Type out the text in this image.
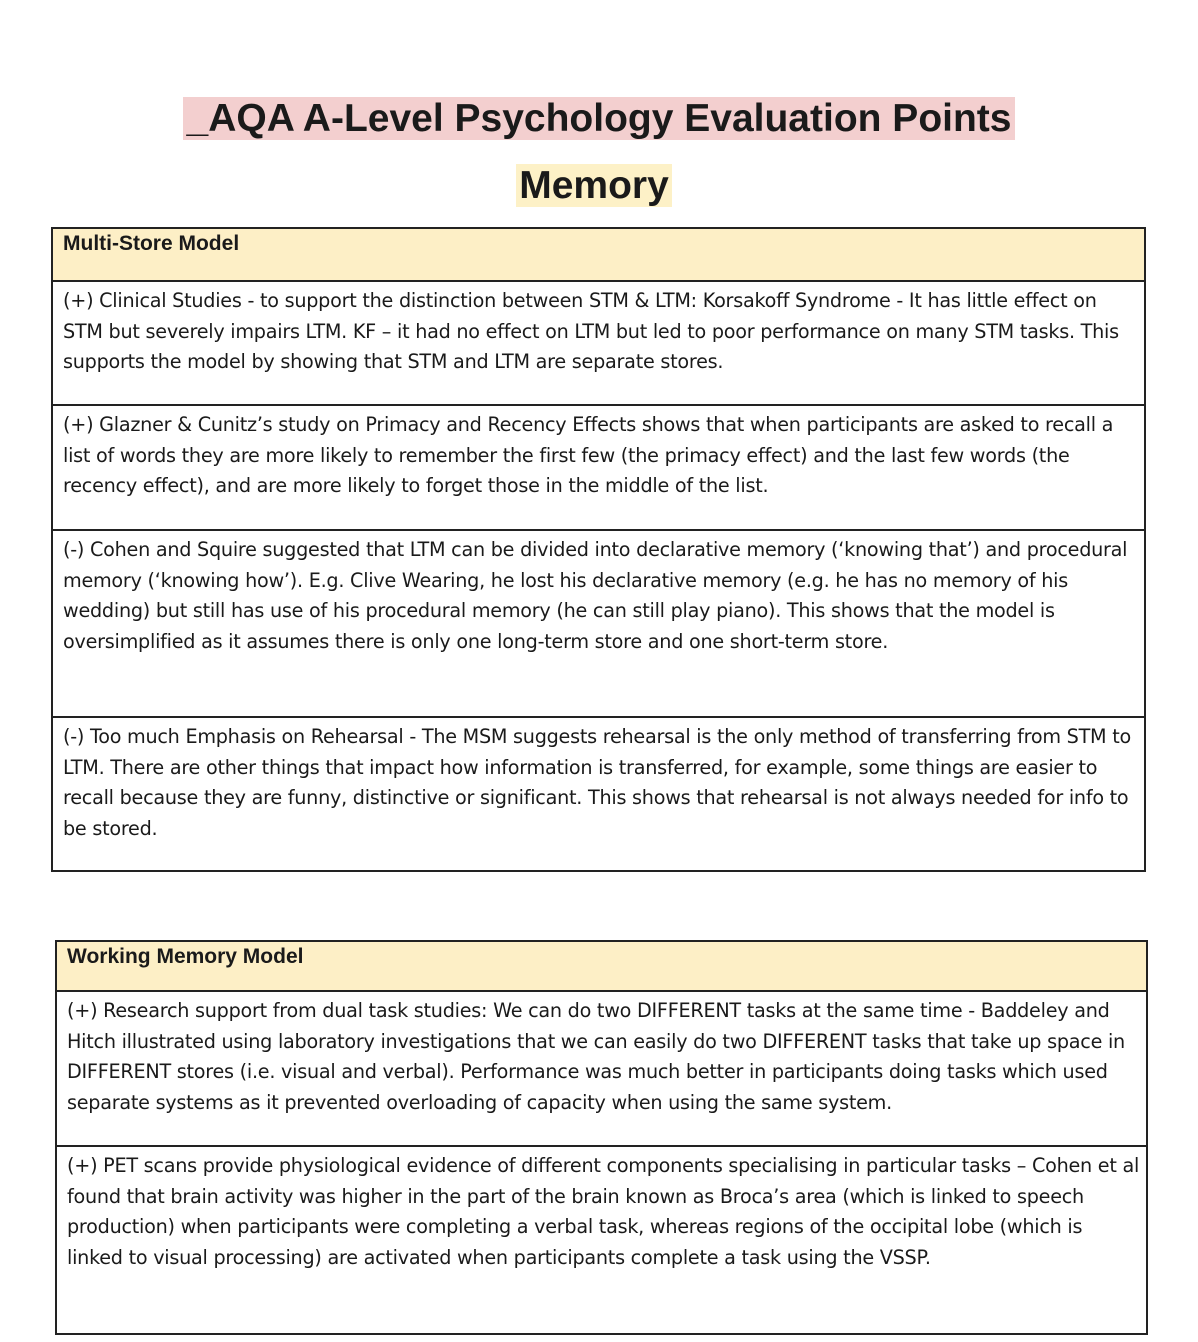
_AQA A-Level Psychology Evaluation Points
Memory
Multi-Store Model
(+) Clinical Studies - to support the distinction between STM & LTM: Korsakoff Syndrome - It has little effect on STM but severely impairs LTM. KF – it had no effect on LTM but led to poor performance on many STM tasks. This supports the model by showing that STM and LTM are separate stores.
(+) Glazner & Cunitz’s study on Primacy and Recency Effects shows that when participants are asked to recall a list of words they are more likely to remember the first few (the primacy effect) and the last few words (the recency effect), and are more likely to forget those in the middle of the list.
(-) Cohen and Squire suggested that LTM can be divided into declarative memory (‘knowing that’) and procedural memory (‘knowing how’). E.g. Clive Wearing, he lost his declarative memory (e.g. he has no memory of his wedding) but still has use of his procedural memory (he can still play piano). This shows that the model is oversimplified as it assumes there is only one long-term store and one short-term store.
(-) Too much Emphasis on Rehearsal - The MSM suggests rehearsal is the only method of transferring from STM to LTM. There are other things that impact how information is transferred, for example, some things are easier to recall because they are funny, distinctive or significant. This shows that rehearsal is not always needed for info to be stored.
Working Memory Model
(+) Research support from dual task studies: We can do two DIFFERENT tasks at the same time - Baddeley and Hitch illustrated using laboratory investigations that we can easily do two DIFFERENT tasks that take up space in DIFFERENT stores (i.e. visual and verbal). Performance was much better in participants doing tasks which used separate systems as it prevented overloading of capacity when using the same system.
(+) PET scans provide physiological evidence of different components specialising in particular tasks – Cohen et al found that brain activity was higher in the part of the brain known as Broca’s area (which is linked to speech production) when participants were completing a verbal task, whereas regions of the occipital lobe (which is linked to visual processing) are activated when participants complete a task using the VSSP.
